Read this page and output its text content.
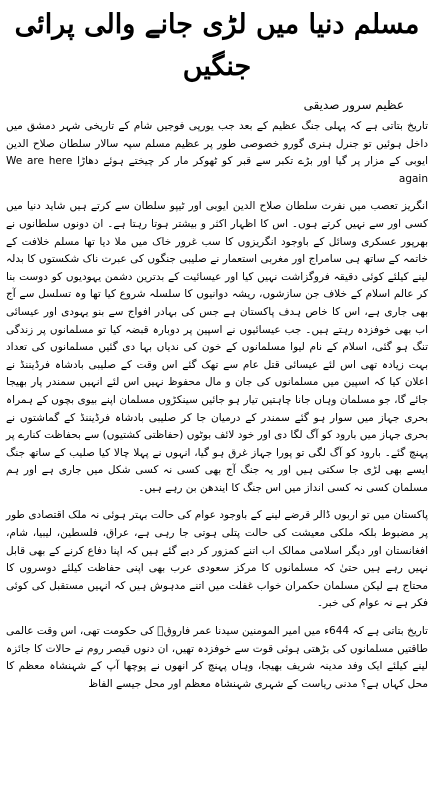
مسلم دنیا میں لڑی جانے والی پرائی جنگیں
عظیم سرور صدیقی

تاریخ بتاتی ہے کہ پہلی جنگ عظیم کے بعد جب یورپی فوجیں شام کے تاریخی شہر دمشق میں داخل ہوئیں تو جنرل ہنری گورو خصوصی طور پر عظیم مسلم سپہ سالار سلطان صلاح الدین ایوبی کے مزار پر گیا اور بڑے تکبر سے قبر کو ٹھوکر مار کر چیختے ہوئے دھاڑا We are here again

انگریز تعصب میں نفرت سلطان صلاح الدین ایوبی اور ٹیپو سلطان سے کرتے ہیں شاید دنیا میں کسی اور سے نہیں کرتے ہوں۔ اس کا اظہار اکثر و بیشتر ہوتا رہتا ہے۔ ان دونوں سلطانوں نے بھرپور عسکری وسائل کے باوجود انگریزوں کا سب غرور خاک میں ملا دیا تھا مسلم خلافت کے خاتمہ کے ساتھ ہی سامراج اور مغربی استعمار نے صلیبی جنگوں کی عبرت ناک شکستوں کا بدلہ لینے کیلئے کوئی دقیقہ فروگزاشت نہیں کیا اور عیسائیت کے بدترین دشمن یہودیوں کو دوست بنا کر عالم اسلام کے خلاف جن سازشوں، ریشہ دوانیوں کا سلسلہ شروع کیا تھا وہ تسلسل سے آج بھی جاری ہے، اس کا خاص ہدف پاکستان ہے جس کی بہادر افواج سے بنو یہودی اور عیسائی اب بھی خوفزدہ رہتے ہیں۔ جب عیسائیوں نے اسپین پر دوبارہ قبضہ کیا تو مسلمانوں پر زندگی تنگ ہو گئی، اسلام کے نام لیوا مسلمانوں کے خون کی ندیاں بہا دی گئیں مسلمانوں کی تعداد بہت زیادہ تھی اس لئے عیسائی قتل عام سے تھک گئے اس وقت کے صلیبی بادشاہ فرڈیننڈ نے اعلان کیا کہ اسپین میں مسلمانوں کی جان و مال محفوظ نہیں اس لئے انہیں سمندر پار بھیجا جائے گا، جو مسلمان وہاں جانا چاہتیں تیار ہو جائیں سینکڑوں مسلمان اپنے بیوی بچوں کے ہمراہ بحری جہاز میں سوار ہو گئے سمندر کے درمیان جا کر صلیبی بادشاہ فرڈیننڈ کے گماشتوں نے بحری جہاز میں بارود کو آگ لگا دی اور خود لائف بوٹوں (حفاظتی کشتیوں) سے بحفاظت کنارے پر پہنچ گئے۔ بارود کو آگ لگی تو پورا جہاز غرق ہو گیا، انہوں نے پہلا چالا کیا صلیب کے ساتھ جنگ ایسے بھی لڑی جا سکتی ہیں اور یہ جنگ آج بھی کسی نہ کسی شکل میں جاری ہے اور ہم مسلمان کسی نہ کسی انداز میں اس جنگ کا ایندھن بن رہے ہیں۔

پاکستان میں تو اربوں ڈالر قرضے لینے کے باوجود عوام کی حالت بہتر ہوئی نہ ملک اقتصادی طور پر مضبوط بلکہ ملکی معیشت کی حالت پتلی ہوتی جا رہی ہے، عراق، فلسطین، لیبیا، شام، افغانستان اور دیگر اسلامی ممالک اب اتنے کمزور کر دیے گئے ہیں کہ اپنا دفاع کرنے کے بھی قابل نہیں رہے ہیں حتیٰ کہ مسلمانوں کا مرکز سعودی عرب بھی اپنی حفاظت کیلئے دوسروں کا محتاج ہے لیکن مسلمان حکمران خواب غفلت میں اتنے مدہوش ہیں کہ انہیں مستقبل کی کوئی فکر ہے نہ عوام کی خبر۔

تاریخ بتاتی ہے کہ 644ء میں امیر المومنین سیدنا عمر فاروقؓ کی حکومت تھی، اس وقت عالمی طاقتیں مسلمانوں کی بڑھتی ہوئی قوت سے خوفزدہ تھیں، ان دنوں قیصر روم نے حالات کا جائزہ لینے کیلئے ایک وفد مدینہ شریف بھیجا، وہاں پہنچ کر انھوں نے پوچھا آپ کے شہنشاہ معظم کا محل کہاں ہے؟ مدنی ریاست کے شہری شہنشاہ معظم اور محل جیسے الفاظ
